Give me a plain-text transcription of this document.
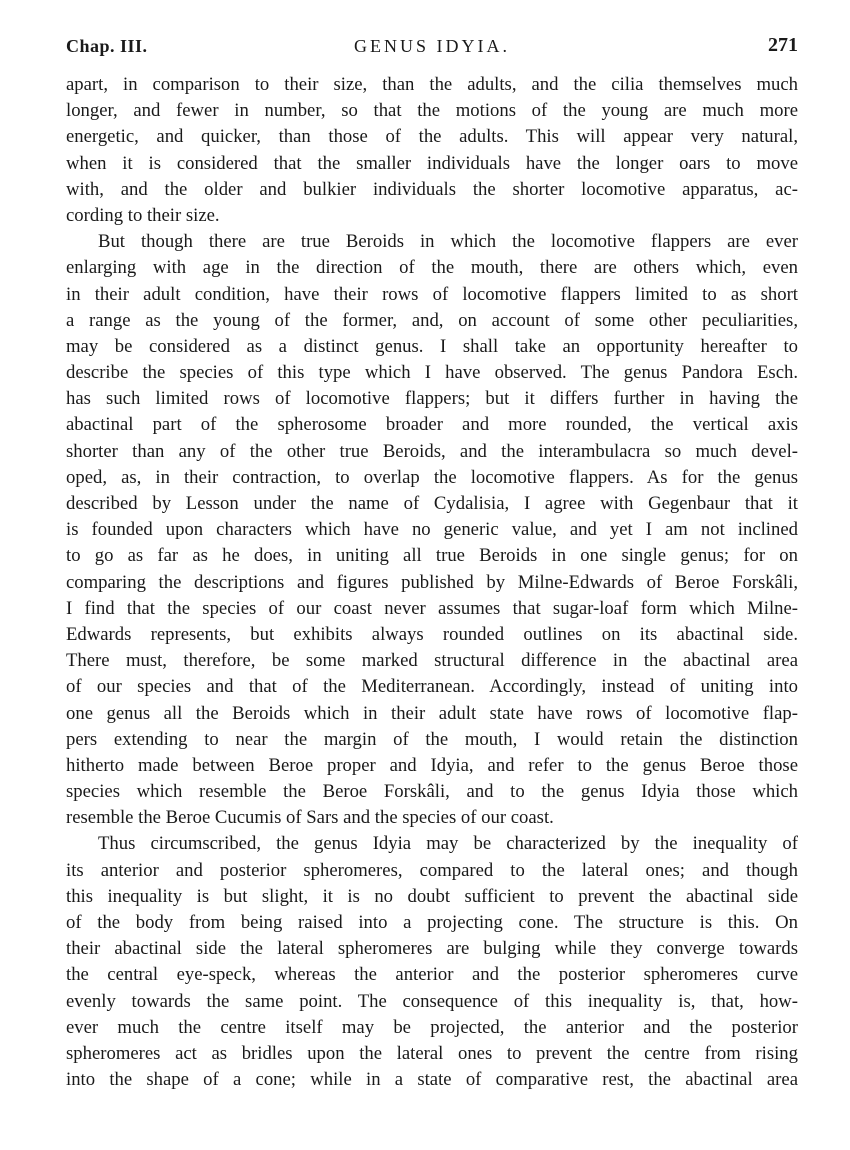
Chap. III.	GENUS IDYIA.	271
apart, in comparison to their size, than the adults, and the cilia themselves much
longer, and fewer in number, so that the motions of the young are much more
energetic, and quicker, than those of the adults. This will appear very natural,
when it is considered that the smaller individuals have the longer oars to move
with, and the older and bulkier individuals the shorter locomotive apparatus, ac-
cording to their size.
But though there are true Beroids in which the locomotive flappers are ever
enlarging with age in the direction of the mouth, there are others which, even
in their adult condition, have their rows of locomotive flappers limited to as short
a range as the young of the former, and, on account of some other peculiarities,
may be considered as a distinct genus. I shall take an opportunity hereafter to
describe the species of this type which I have observed. The genus Pandora Esch.
has such limited rows of locomotive flappers; but it differs further in having the
abactinal part of the spherosome broader and more rounded, the vertical axis
shorter than any of the other true Beroids, and the interambulacra so much devel-
oped, as, in their contraction, to overlap the locomotive flappers. As for the genus
described by Lesson under the name of Cydalisia, I agree with Gegenbaur that it
is founded upon characters which have no generic value, and yet I am not inclined
to go as far as he does, in uniting all true Beroids in one single genus; for on
comparing the descriptions and figures published by Milne-Edwards of Beroe Forskâli,
I find that the species of our coast never assumes that sugar-loaf form which Milne-
Edwards represents, but exhibits always rounded outlines on its abactinal side.
There must, therefore, be some marked structural difference in the abactinal area
of our species and that of the Mediterranean. Accordingly, instead of uniting into
one genus all the Beroids which in their adult state have rows of locomotive flap-
pers extending to near the margin of the mouth, I would retain the distinction
hitherto made between Beroe proper and Idyia, and refer to the genus Beroe those
species which resemble the Beroe Forskâli, and to the genus Idyia those which
resemble the Beroe Cucumis of Sars and the species of our coast.
Thus circumscribed, the genus Idyia may be characterized by the inequality of
its anterior and posterior spheromeres, compared to the lateral ones; and though
this inequality is but slight, it is no doubt sufficient to prevent the abactinal side
of the body from being raised into a projecting cone. The structure is this. On
their abactinal side the lateral spheromeres are bulging while they converge towards
the central eye-speck, whereas the anterior and the posterior spheromeres curve
evenly towards the same point. The consequence of this inequality is, that, how-
ever much the centre itself may be projected, the anterior and the posterior
spheromeres act as bridles upon the lateral ones to prevent the centre from rising
into the shape of a cone; while in a state of comparative rest, the abactinal area
